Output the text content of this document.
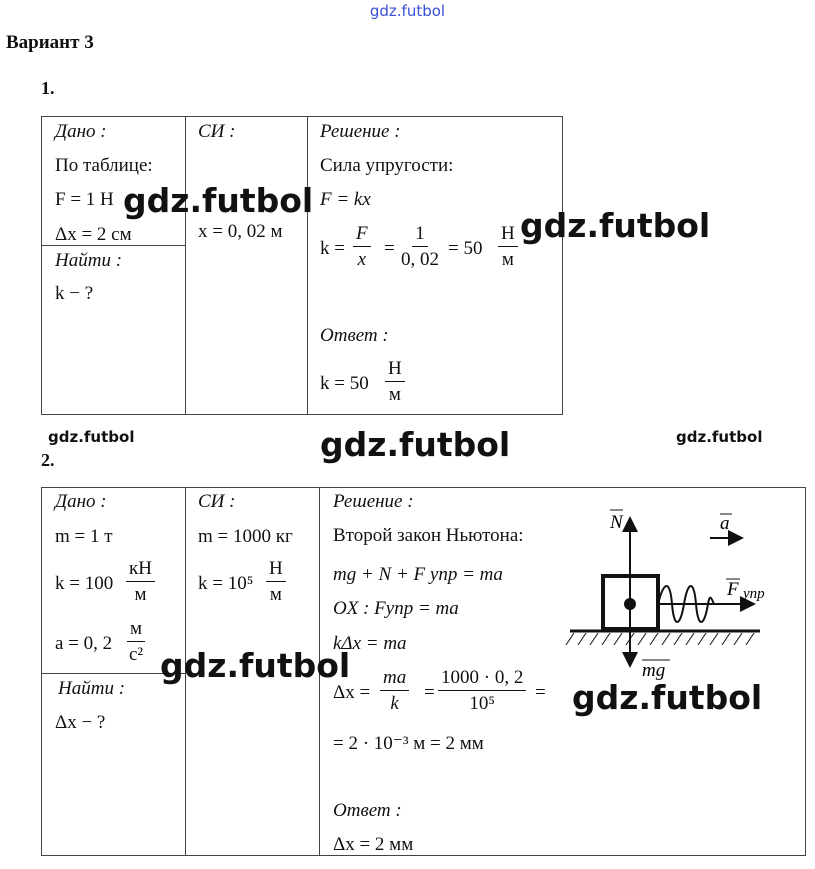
gdz.futbol
Вариант 3
1.
Дано :
По таблице:
F = 1 Н
Δx = 2 см
Найти :
k − ?
СИ :
x = 0, 02 м
Решение :
Сила упругости:
F = kx
$k = \frac{F}{x} = \frac{1}{0, 02} = 50$
Н
м
Ответ :
k = 50
Н
м
gdz.futbol
gdz.futbol
gdz.futbol	gdz.futbol	gdz.futbol
2.
Дано :
m = 1 т
k = 100
кН
м
a = 0, 2
м
с²
Найти :
Δx − ?
СИ :
m = 1000 кг
k = 10⁵
Н
м
Решение :
Второй закон Ньютона:
mg + N + F упр = ma
OX : Fупр = ma
kΔx = ma
$\Delta x = \frac{ma}{k} = \frac{1000 \cdot 0, 2}{\text{10⁵}}$ =
= 2 · 10⁻³ м = 2 мм
Ответ :
Δx = 2 мм
N	a
F упр
mg
gdz.futbol
gdz.futbol
